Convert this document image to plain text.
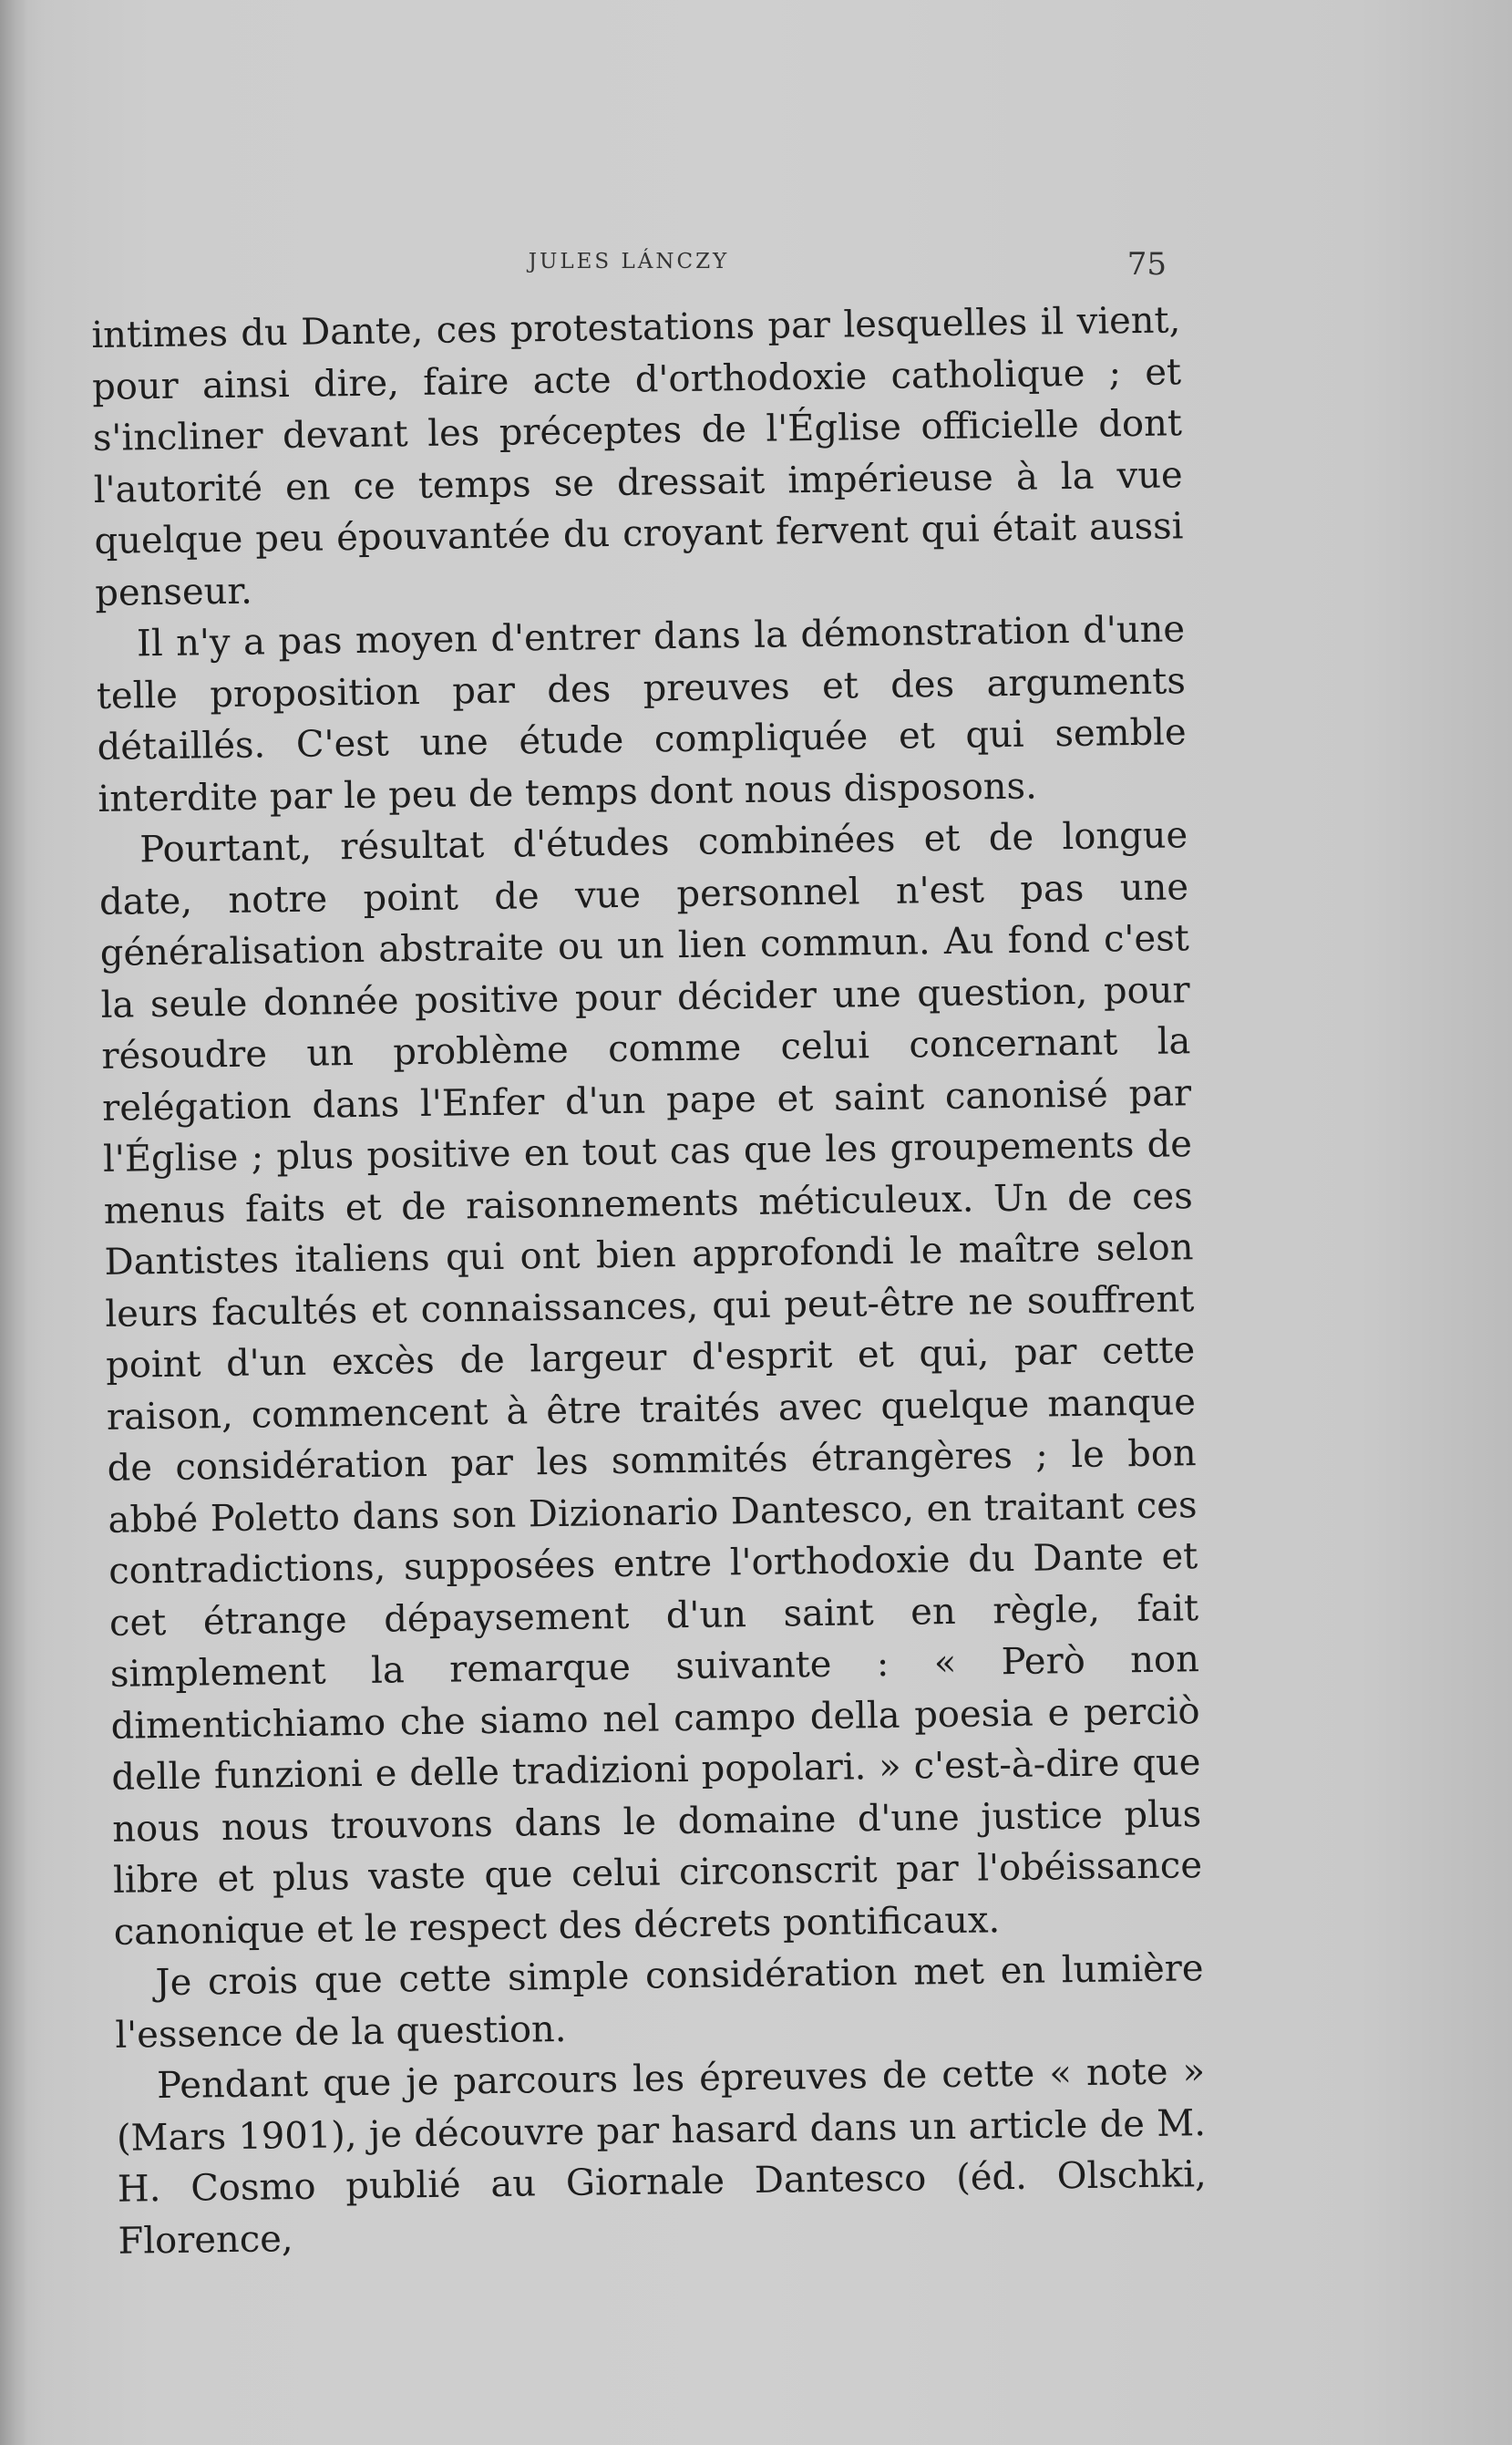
JULES LÁNCZY	75

intimes du Dante, ces protestations par lesquelles il vient, pour ainsi dire, faire acte d'orthodoxie catholique ; et s'incliner devant les préceptes de l'Église officielle dont l'autorité en ce temps se dressait impérieuse à la vue quelque peu épouvantée du croyant fervent qui était aussi penseur.

Il n'y a pas moyen d'entrer dans la démonstration d'une telle proposition par des preuves et des arguments détaillés. C'est une étude compliquée et qui semble interdite par le peu de temps dont nous disposons.

Pourtant, résultat d'études combinées et de longue date, notre point de vue personnel n'est pas une généralisation abstraite ou un lien commun. Au fond c'est la seule donnée positive pour décider une question, pour résoudre un problème comme celui concernant la relégation dans l'Enfer d'un pape et saint canonisé par l'Église ; plus positive en tout cas que les groupements de menus faits et de raisonnements méticuleux. Un de ces Dantistes italiens qui ont bien approfondi le maître selon leurs facultés et connaissances, qui peut-être ne souffrent point d'un excès de largeur d'esprit et qui, par cette raison, commencent à être traités avec quelque manque de considération par les sommités étrangères ; le bon abbé Poletto dans son Dizionario Dantesco, en traitant ces contradictions, supposées entre l'orthodoxie du Dante et cet étrange dépaysement d'un saint en règle, fait simplement la remarque suivante : « Però non dimentichiamo che siamo nel campo della poesia e perciò delle funzioni e delle tradizioni popolari. » c'est-à-dire que nous nous trouvons dans le domaine d'une justice plus libre et plus vaste que celui circonscrit par l'obéissance canonique et le respect des décrets pontificaux.

Je crois que cette simple considération met en lumière l'essence de la question.

Pendant que je parcours les épreuves de cette « note » (Mars 1901), je découvre par hasard dans un article de M. H. Cosmo publié au Giornale Dantesco (éd. Olschki, Florence,
